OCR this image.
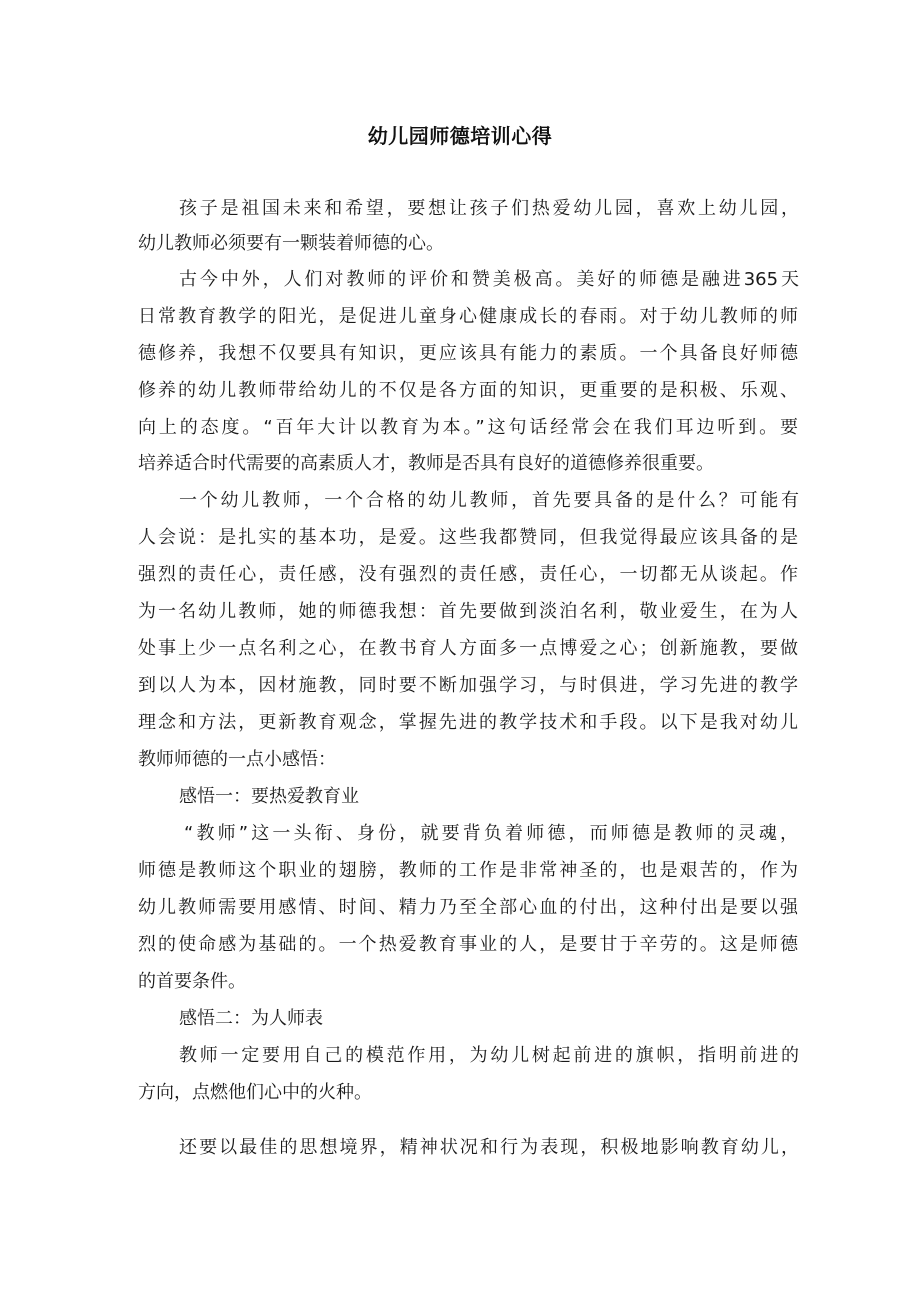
幼儿园师德培训心得
孩子是祖国未来和希望，要想让孩子们热爱幼儿园，喜欢上幼儿园，
幼儿教师必须要有一颗装着师德的心。
古今中外，人们对教师的评价和赞美极高。美好的师德是融进365天
日常教育教学的阳光，是促进儿童身心健康成长的春雨。对于幼儿教师的师
德修养，我想不仅要具有知识，更应该具有能力的素质。一个具备良好师德
修养的幼儿教师带给幼儿的不仅是各方面的知识，更重要的是积极、乐观、
向上的态度。“百年大计以教育为本。”这句话经常会在我们耳边听到。要
培养适合时代需要的高素质人才，教师是否具有良好的道德修养很重要。
一个幼儿教师，一个合格的幼儿教师，首先要具备的是什么？可能有
人会说：是扎实的基本功，是爱。这些我都赞同，但我觉得最应该具备的是
强烈的责任心，责任感，没有强烈的责任感，责任心，一切都无从谈起。作
为一名幼儿教师，她的师德我想：首先要做到淡泊名利，敬业爱生，在为人
处事上少一点名利之心，在教书育人方面多一点博爱之心；创新施教，要做
到以人为本，因材施教，同时要不断加强学习，与时俱进，学习先进的教学
理念和方法，更新教育观念，掌握先进的教学技术和手段。以下是我对幼儿
教师师德的一点小感悟：
感悟一：要热爱教育业
“教师”这一头衔、身份，就要背负着师德，而师德是教师的灵魂，
师德是教师这个职业的翅膀，教师的工作是非常神圣的，也是艰苦的，作为
幼儿教师需要用感情、时间、精力乃至全部心血的付出，这种付出是要以强
烈的使命感为基础的。一个热爱教育事业的人，是要甘于辛劳的。这是师德
的首要条件。
感悟二：为人师表
教师一定要用自己的模范作用，为幼儿树起前进的旗帜，指明前进的
方向，点燃他们心中的火种。
还要以最佳的思想境界，精神状况和行为表现，积极地影响教育幼儿，
